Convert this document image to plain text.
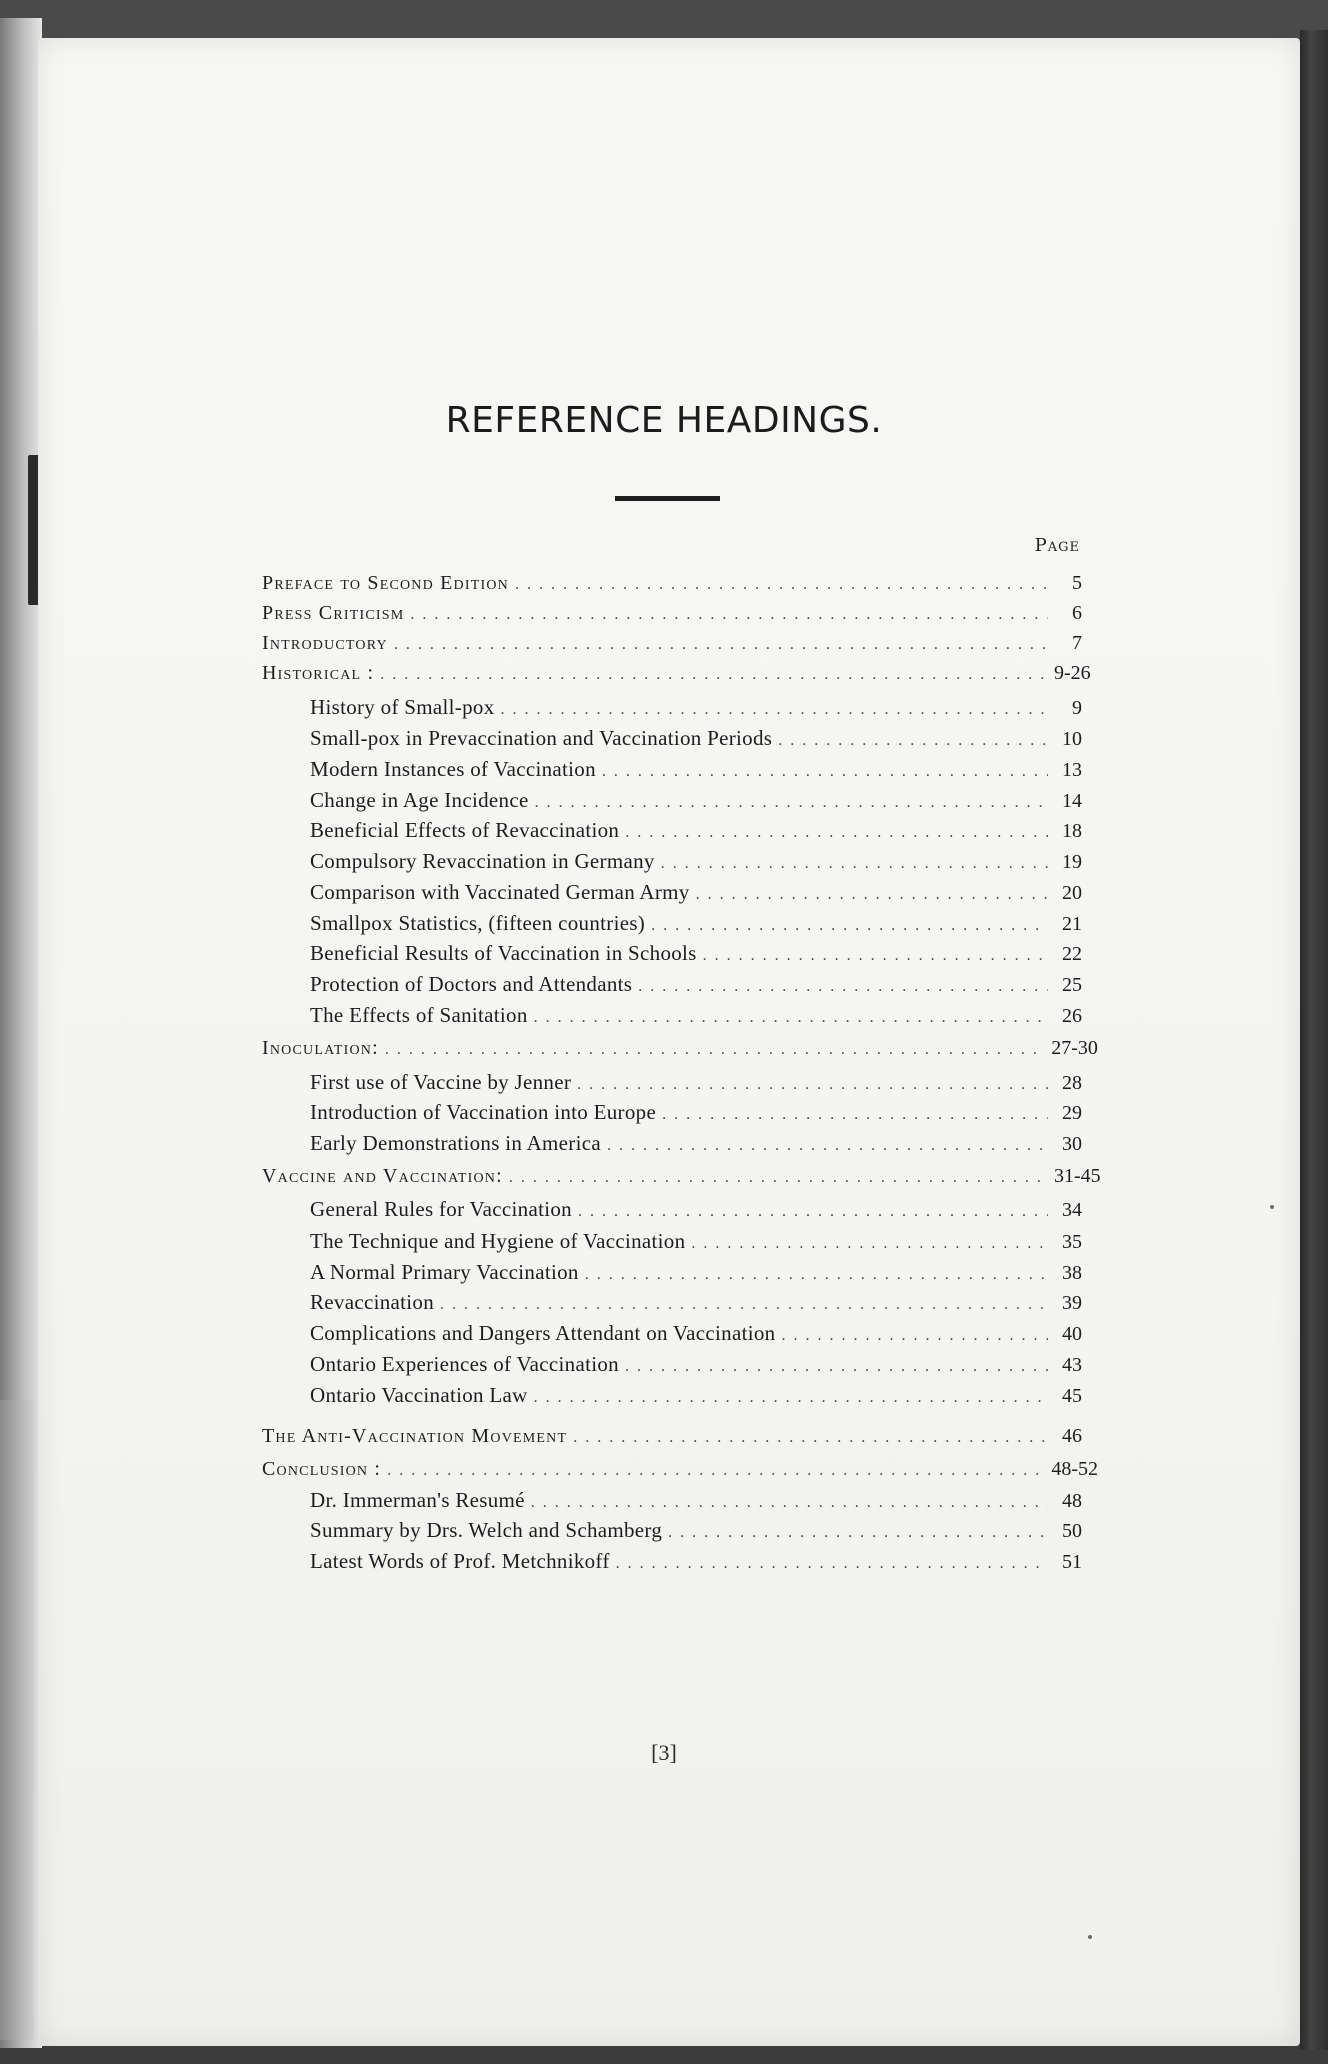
REFERENCE HEADINGS.
Page
Preface to Second Edition . . .	5
Press Criticism . . .	6
Introductory . . .	7
Historical : . . .	9-26
History of Small-pox . . .	9
Small-pox in Prevaccination and Vaccination Periods . . .	10
Modern Instances of Vaccination . . .	13
Change in Age Incidence . . .	14
Beneficial Effects of Revaccination . . .	18
Compulsory Revaccination in Germany . . .	19
Comparison with Vaccinated German Army . . .	20
Smallpox Statistics, (fifteen countries) . . .	21
Beneficial Results of Vaccination in Schools . . .	22
Protection of Doctors and Attendants . . .	25
The Effects of Sanitation . . .	26
Inoculation: . . .	27-30
First use of Vaccine by Jenner . . .	28
Introduction of Vaccination into Europe . . .	29
Early Demonstrations in America . . .	30
Vaccine and Vaccination: . . .	31-45
General Rules for Vaccination . . .	34
The Technique and Hygiene of Vaccination . . .	35
A Normal Primary Vaccination . . .	38
Revaccination . . .	39
Complications and Dangers Attendant on Vaccination . . .	40
Ontario Experiences of Vaccination . . .	43
Ontario Vaccination Law . . .	45
The Anti-Vaccination Movement . . .	46
Conclusion : . . .	48-52
Dr. Immerman's Resumé . . .	48
Summary by Drs. Welch and Schamberg . . .	50
Latest Words of Prof. Metchnikoff . . .	51
[3]
